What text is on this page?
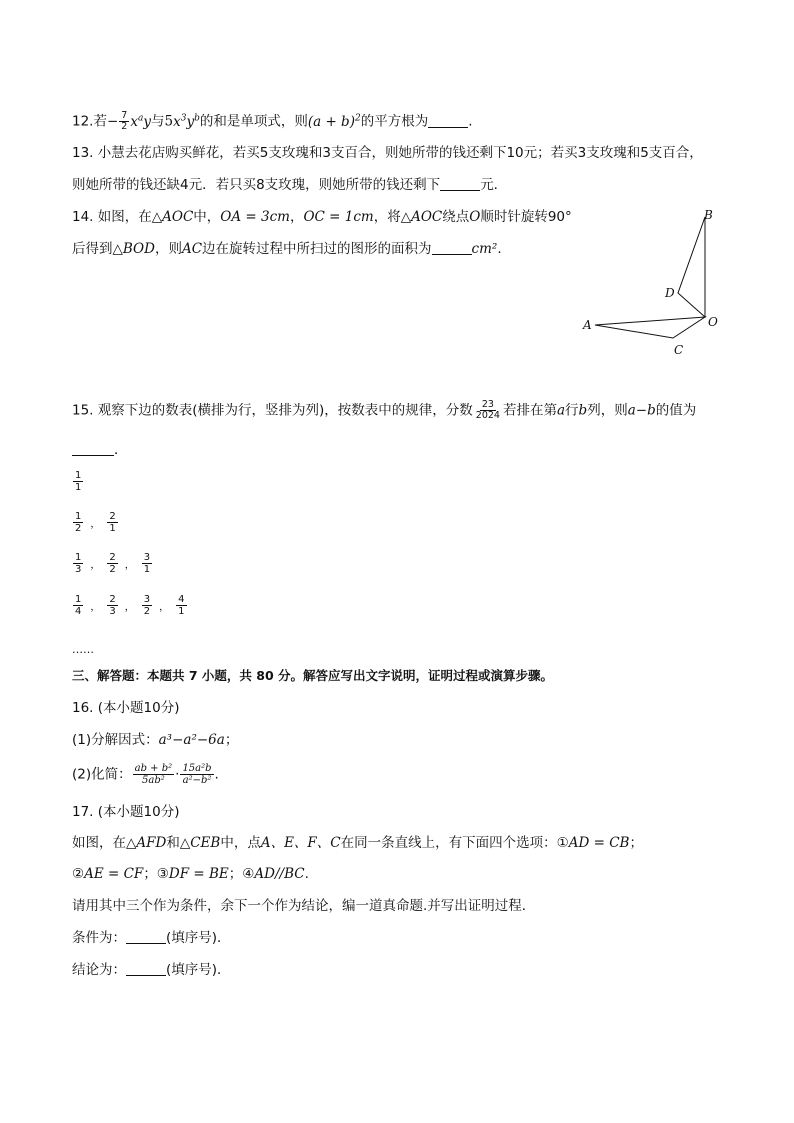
12.若− $\frac{7}{2} x^ay$与$5x^3y^b$的和是单项式，则$(a + b)^2$的平方根为	.
13. 小慧去花店购买鲜花，若买5支玫瑰和3支百合，则她所带的钱还剩下10元；若买3支玫瑰和5支百合，
则她所带的钱还缺4元．若只买8支玫瑰，则她所带的钱还剩下	元．
14. 如图，在△AOC中，OA = 3cm，OC = 1cm，将△AOC绕点O顺时针旋转90°
后得到△BOD，则AC边在旋转过程中所扫过的图形的面积为	cm².
B
D
O
A
C
15. 观察下边的数表(横排为行，竖排为列)，按数表中的规律，分数 $\frac{23}{2024}$ 若排在第a行b列，则a−b的值为
．
$\frac{1}{1}$
$\frac{1}{2}$ ， $\frac{2}{1}$
$\frac{1}{3}$ ， $\frac{2}{2}$ ， $\frac{3}{1}$
$\frac{1}{4}$ ， $\frac{2}{3}$ ， $\frac{3}{2}$ ， $\frac{4}{1}$
……
三、解答题：本题共 7 小题，共 80 分。解答应写出文字说明，证明过程或演算步骤。
16. (本小题10分)
(1)分解因式：a³−a²−6a；
(2)化简： $\frac{\text{ab + b²}}{\text{5ab²}} \cdot \frac{\text{15a²b}}{\text{a²−b²}}$ .
17. (本小题10分)
如图，在△AFD和△CEB中，点A、E、F、C在同一条直线上，有下面四个选项：①AD = CB；
②AE = CF；③DF = BE；④AD//BC.
请用其中三个作为条件，余下一个作为结论，编一道真命题.并写出证明过程．
条件为：	(填序号)．
结论为：	(填序号)．
